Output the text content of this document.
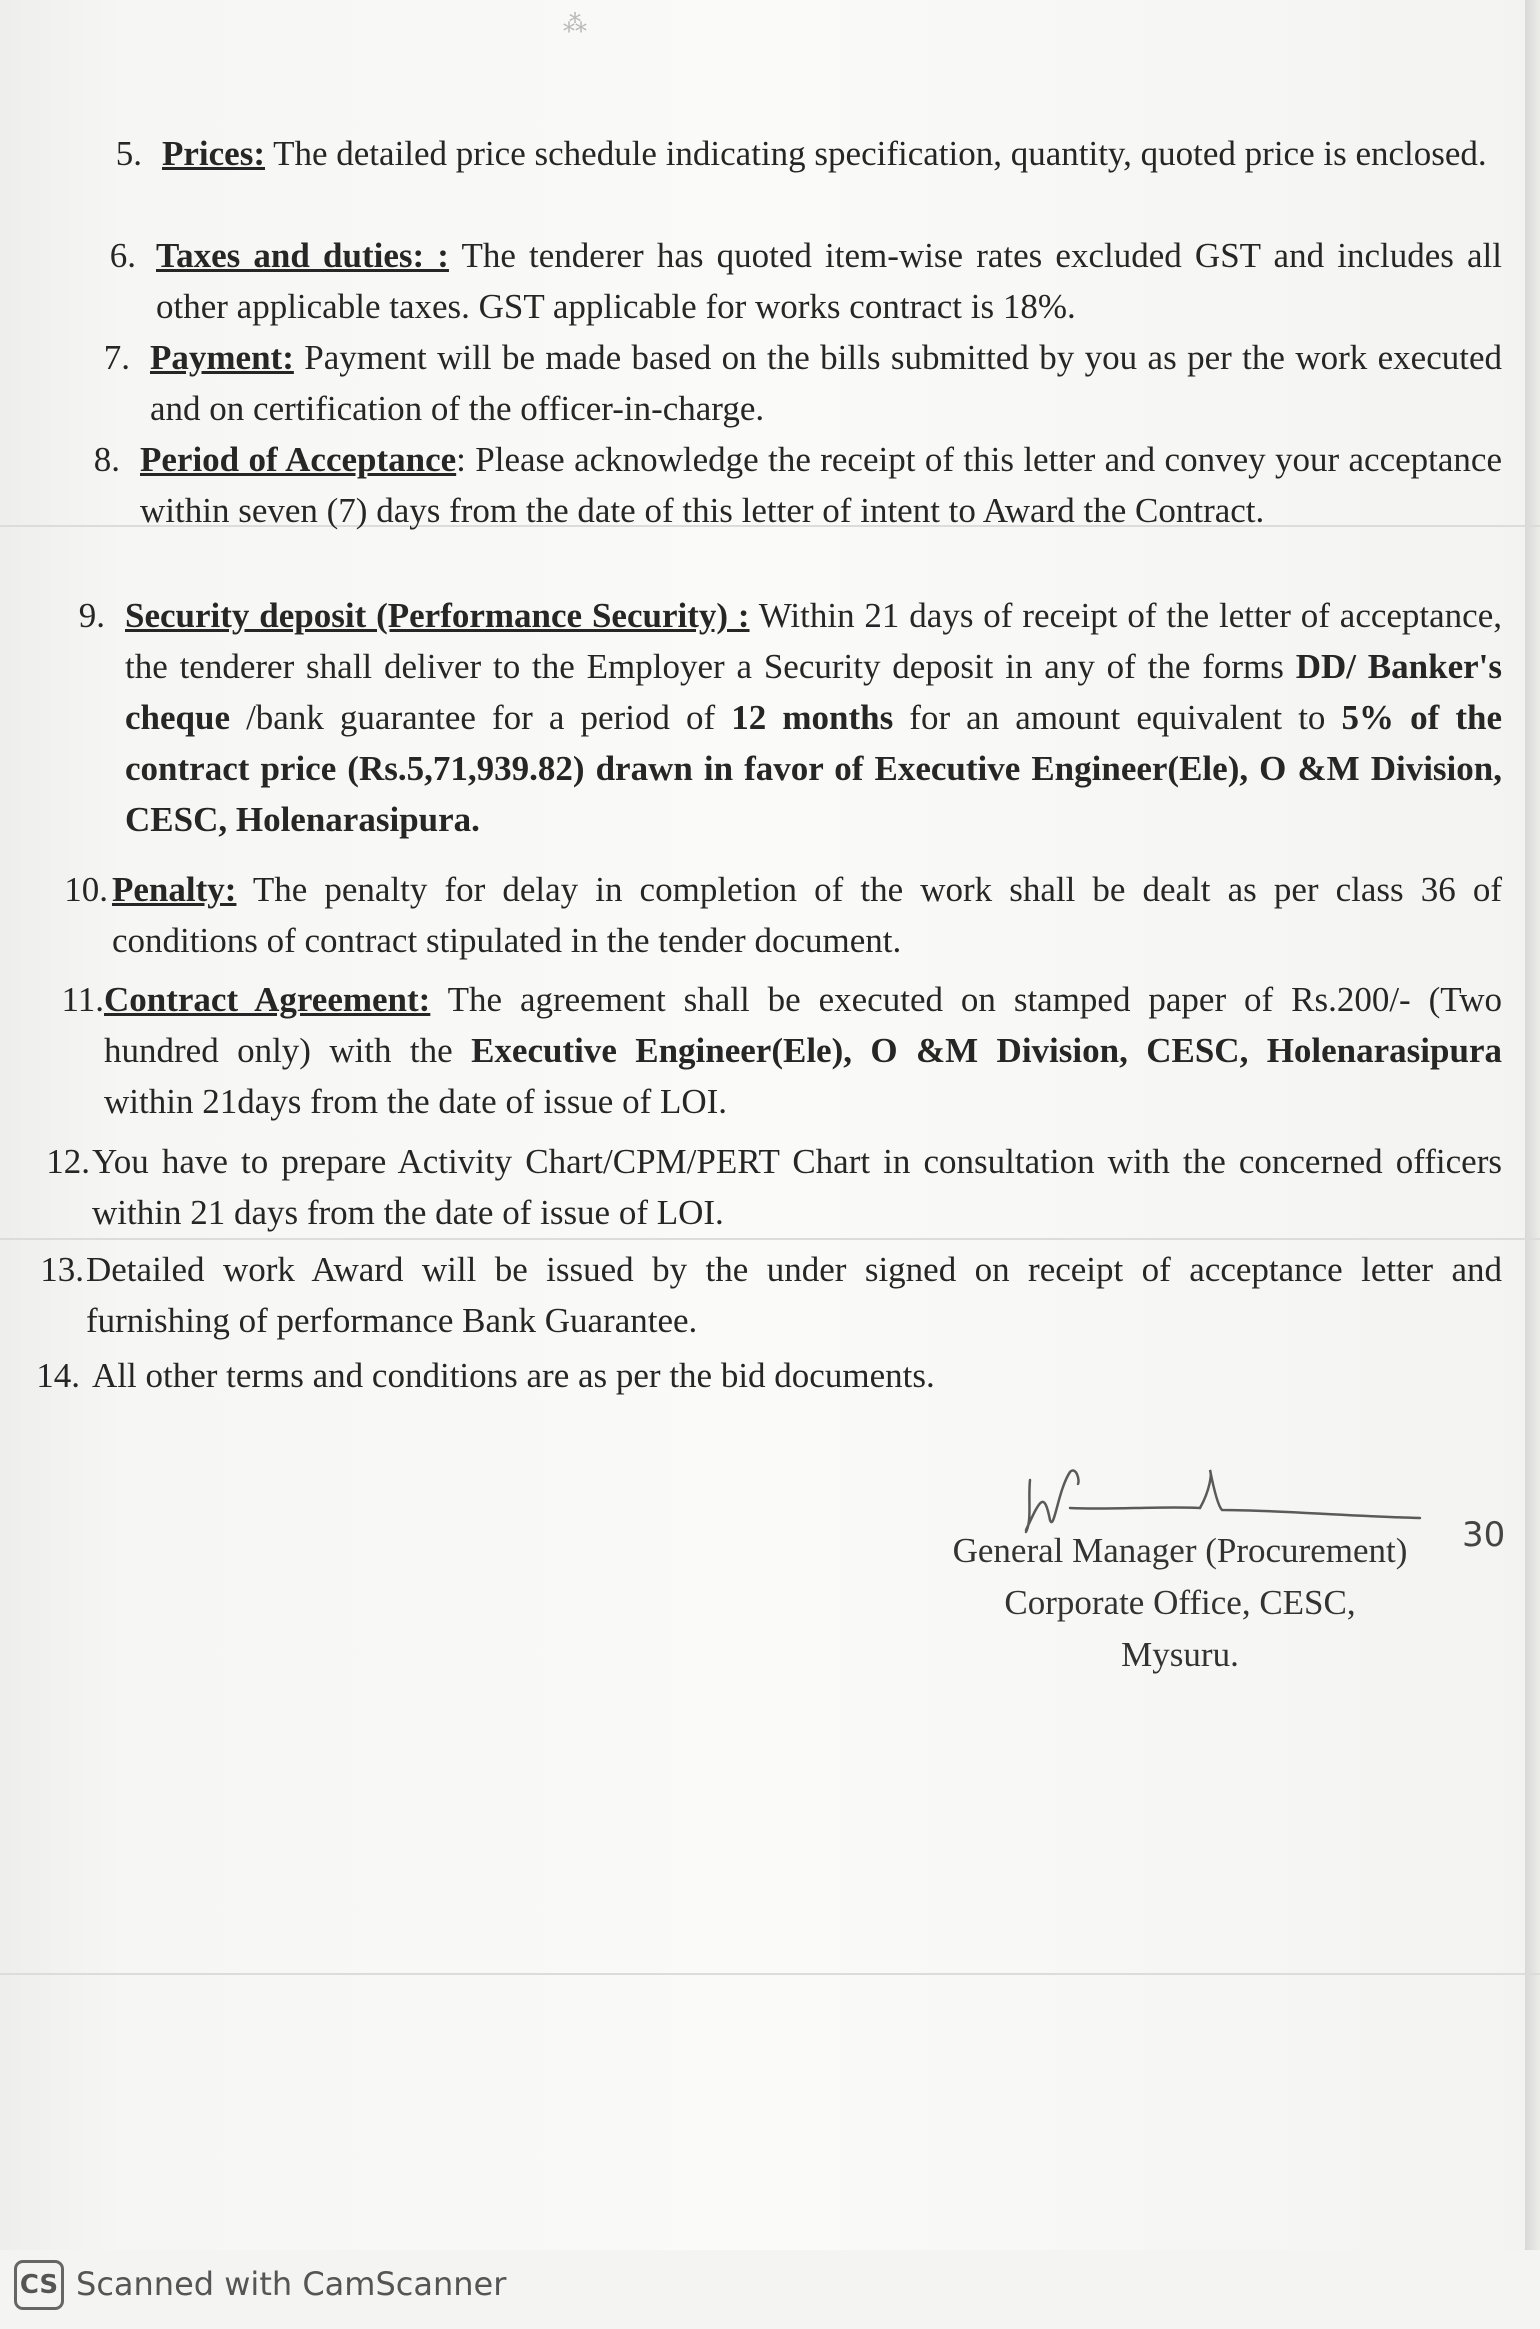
⁂
5. Prices: The detailed price schedule indicating specification, quantity, quoted price is enclosed.
6. Taxes and duties: : The tenderer has quoted item-wise rates excluded GST and includes all other applicable taxes. GST applicable for works contract is 18%.
7. Payment: Payment will be made based on the bills submitted by you as per the work executed and on certification of the officer-in-charge.
8. Period of Acceptance: Please acknowledge the receipt of this letter and convey your acceptance within seven (7) days from the date of this letter of intent to Award the Contract.
9. Security deposit (Performance Security) : Within 21 days of receipt of the letter of acceptance, the tenderer shall deliver to the Employer a Security deposit in any of the forms DD/ Banker's cheque /bank guarantee for a period of 12 months for an amount equivalent to 5% of the contract price (Rs.5,71,939.82) drawn in favor of Executive Engineer(Ele), O &M Division, CESC, Holenarasipura.
10. Penalty: The penalty for delay in completion of the work shall be dealt as per class 36 of conditions of contract stipulated in the tender document.
11. Contract Agreement: The agreement shall be executed on stamped paper of Rs.200/- (Two hundred only) with the Executive Engineer(Ele), O &M Division, CESC, Holenarasipura within 21days from the date of issue of LOI.
12. You have to prepare Activity Chart/CPM/PERT Chart in consultation with the concerned officers within 21 days from the date of issue of LOI.
13. Detailed work Award will be issued by the under signed on receipt of acceptance letter and furnishing of performance Bank Guarantee.
14. All other terms and conditions are as per the bid documents.
30
General Manager (Procurement)
Corporate Office, CESC,
Mysuru.
CS Scanned with CamScanner
